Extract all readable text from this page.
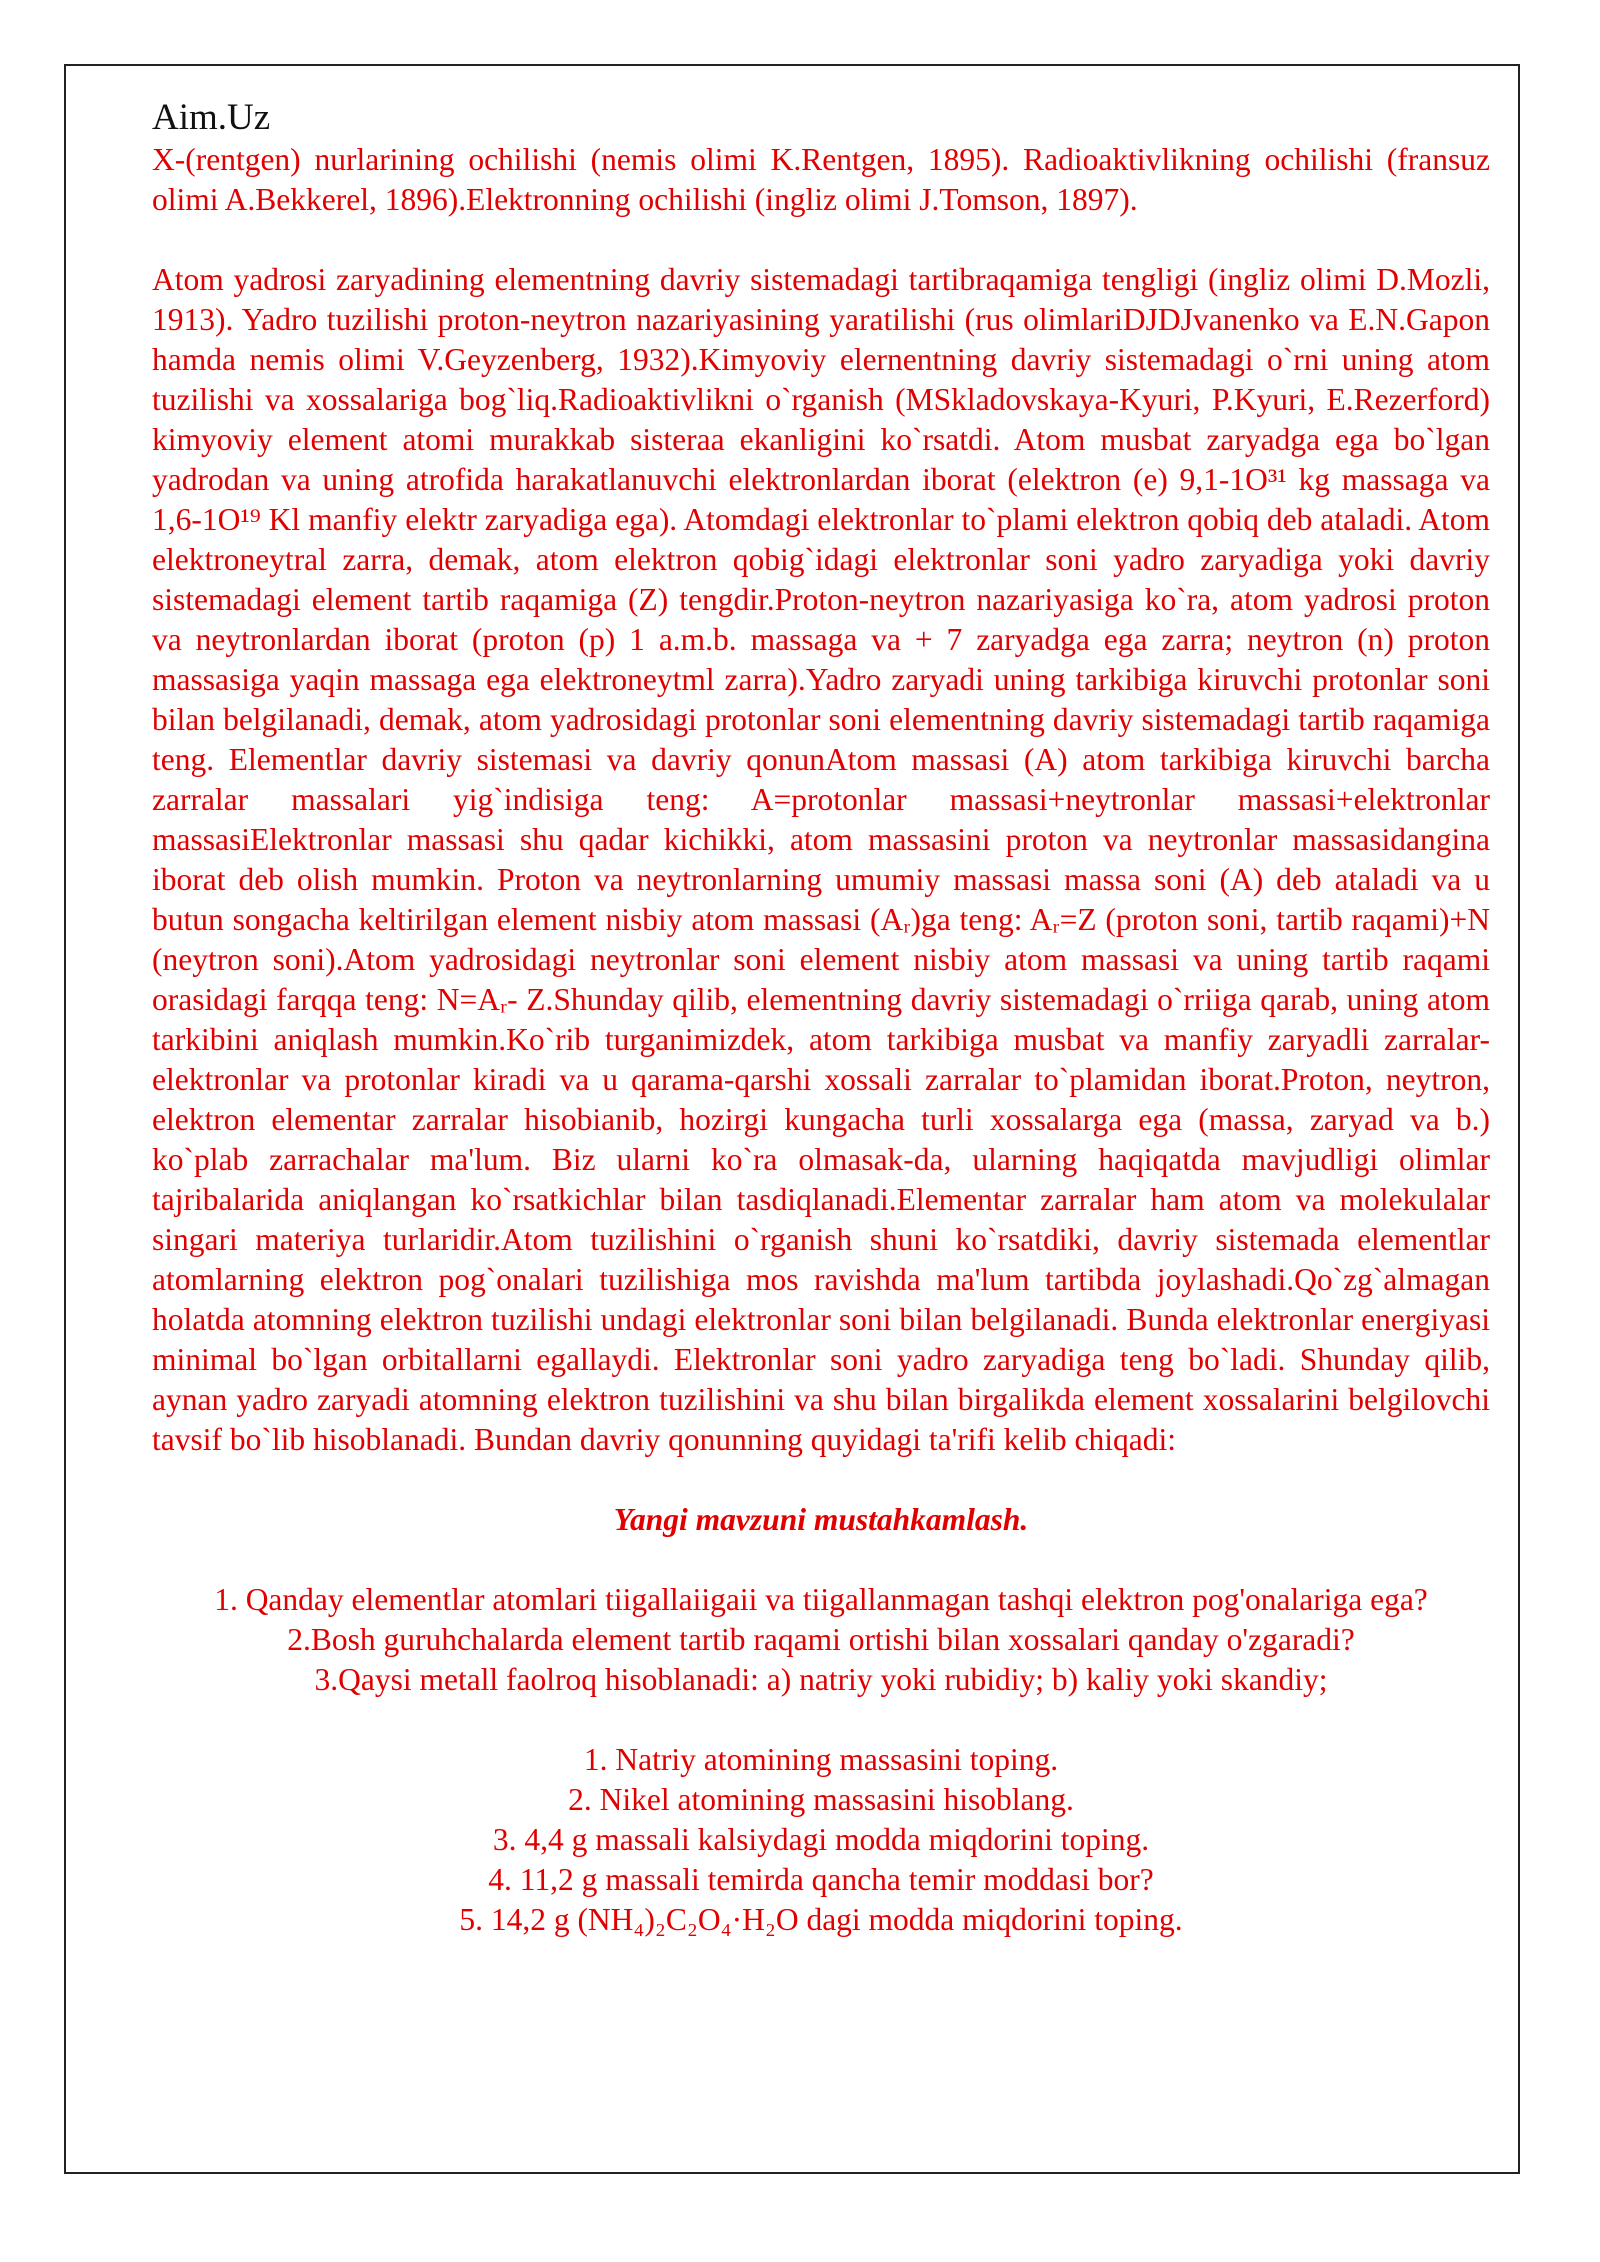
Aim.Uz

X-(rentgen) nurlarining ochilishi (nemis olimi K.Rentgen, 1895). Radioaktivlikning ochilishi (fransuz olimi A.Bekkerel, 1896).Elektronning ochilishi (ingliz olimi J.Tomson, 1897).

Atom yadrosi zaryadining elementning davriy sistemadagi tartibraqamiga tengligi (ingliz olimi D.Mozli, 1913). Yadro tuzilishi proton-neytron nazariyasining yaratilishi (rus olimlariDJDJvanenko va E.N.Gapon hamda nemis olimi V.Geyzenberg, 1932).Kimyoviy elernentning davriy sistemadagi o`rni uning atom tuzilishi va xossalariga bog`liq.Radioaktivlikni o`rganish (MSkladovskaya-Kyuri, P.Kyuri, E.Rezerford) kimyoviy element atomi murakkab sisteraa ekanligini ko`rsatdi. Atom musbat zaryadga ega bo`lgan yadrodan va uning atrofida harakatlanuvchi elektronlardan iborat (elektron (e) 9,1-1O³¹ kg massaga va 1,6-1O¹⁹ Kl manfiy elektr zaryadiga ega). Atomdagi elektronlar to`plami elektron qobiq deb ataladi. Atom elektroneytral zarra, demak, atom elektron qobig`idagi elektronlar soni yadro zaryadiga yoki davriy sistemadagi element tartib raqamiga (Z) tengdir.Proton-neytron nazariyasiga ko`ra, atom yadrosi proton va neytronlardan iborat (proton (p) 1 a.m.b. massaga va + 7 zaryadga ega zarra; neytron (n) proton massasiga yaqin massaga ega elektroneytml zarra).Yadro zaryadi uning tarkibiga kiruvchi protonlar soni bilan belgilanadi, demak, atom yadrosidagi protonlar soni elementning davriy sistemadagi tartib raqamiga teng. Elementlar davriy sistemasi va davriy qonunAtom massasi (A) atom tarkibiga kiruvchi barcha zarralar massalari yig`indisiga teng: A=protonlar massasi+neytronlar massasi+elektronlar massasiElektronlar massasi shu qadar kichikki, atom massasini proton va neytronlar massasidangina iborat deb olish mumkin. Proton va neytronlarning umumiy massasi massa soni (A) deb ataladi va u butun songacha keltirilgan element nisbiy atom massasi (Aᵣ)ga teng: Aᵣ=Z (proton soni, tartib raqami)+N (neytron soni).Atom yadrosidagi neytronlar soni element nisbiy atom massasi va uning tartib raqami orasidagi farqqa teng: N=Aᵣ- Z.Shunday qilib, elementning davriy sistemadagi o`rriiga qarab, uning atom tarkibini aniqlash mumkin.Ko`rib turganimizdek, atom tarkibiga musbat va manfiy zaryadli zarralar-elektronlar va protonlar kiradi va u qarama-qarshi xossali zarralar to`plamidan iborat.Proton, neytron, elektron elementar zarralar hisobianib, hozirgi kungacha turli xossalarga ega (massa, zaryad va b.) ko`plab zarrachalar ma'lum. Biz ularni ko`ra olmasak-da, ularning haqiqatda mavjudligi olimlar tajribalarida aniqlangan ko`rsatkichlar bilan tasdiqlanadi.Elementar zarralar ham atom va molekulalar singari materiya turlaridir.Atom tuzilishini o`rganish shuni ko`rsatdiki, davriy sistemada elementlar atomlarning elektron pog`onalari tuzilishiga mos ravishda ma'lum tartibda joylashadi.Qo`zg`almagan holatda atomning elektron tuzilishi undagi elektronlar soni bilan belgilanadi. Bunda elektronlar energiyasi minimal bo`lgan orbitallarni egallaydi. Elektronlar soni yadro zaryadiga teng bo`ladi. Shunday qilib, aynan yadro zaryadi atomning elektron tuzilishini va shu bilan birgalikda element xossalarini belgilovchi tavsif bo`lib hisoblanadi. Bundan davriy qonunning quyidagi ta'rifi kelib chiqadi:

Yangi mavzuni mustahkamlash.
1. Qanday elementlar atomlari tiigallaiigaii va tiigallanmagan tashqi elektron pog'onalariga ega?
2.Bosh guruhchalarda element tartib raqami ortishi bilan xossalari qanday o'zgaradi?
3.Qaysi metall faolroq hisoblanadi: a) natriy yoki rubidiy; b) kaliy yoki skandiy;
1. Natriy atomining massasini toping.
2. Nikel atomining massasini hisoblang.
3. 4,4 g massali kalsiydagi modda miqdorini toping.
4. 11,2 g massali temirda qancha temir moddasi bor?
5. 14,2 g (NH₄)₂C₂O₄·H₂O dagi modda miqdorini toping.
